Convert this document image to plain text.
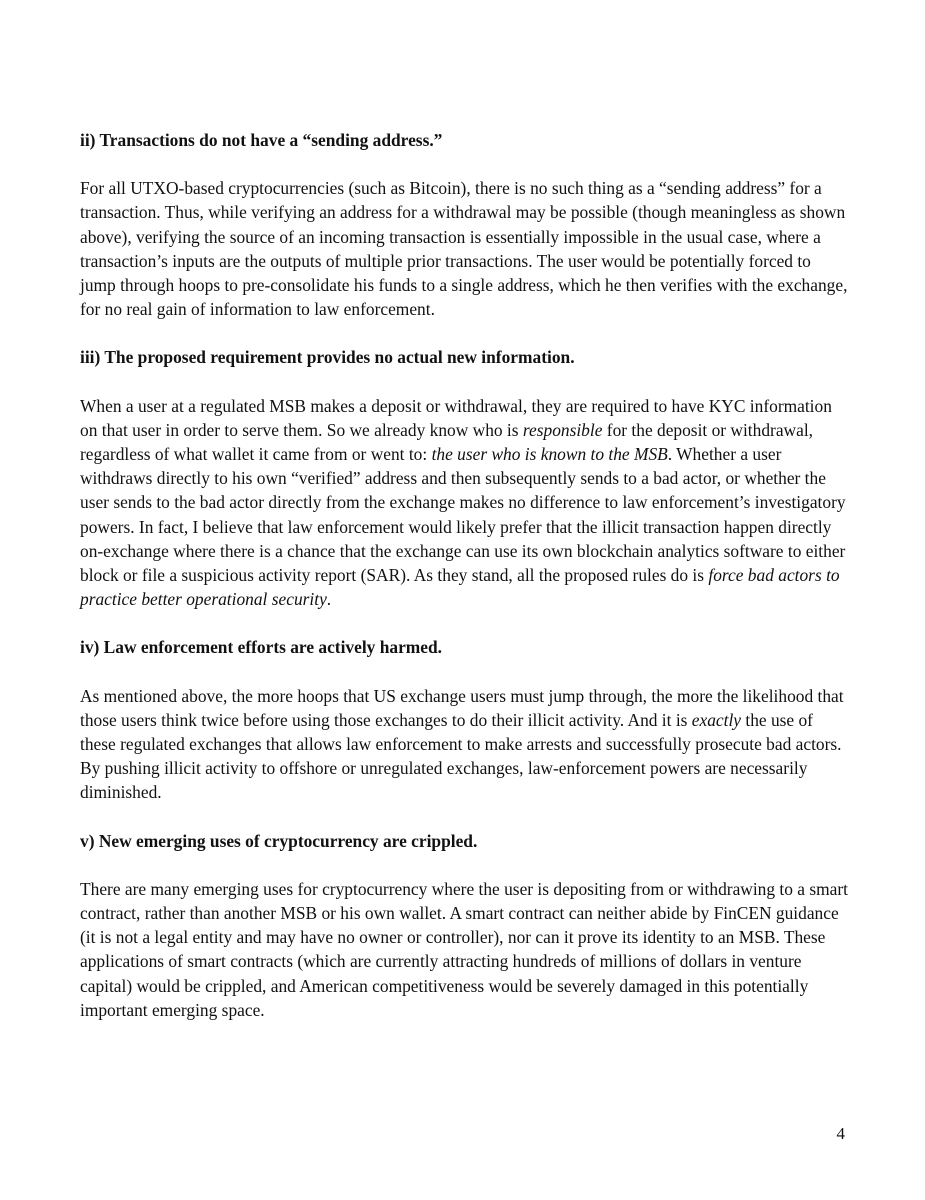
ii) Transactions do not have a “sending address.”

For all UTXO-based cryptocurrencies (such as Bitcoin), there is no such thing as a “sending address” for a transaction. Thus, while verifying an address for a withdrawal may be possible (though meaningless as shown above), verifying the source of an incoming transaction is essentially impossible in the usual case, where a transaction’s inputs are the outputs of multiple prior transactions. The user would be potentially forced to jump through hoops to pre-consolidate his funds to a single address, which he then verifies with the exchange, for no real gain of information to law enforcement.

iii) The proposed requirement provides no actual new information.

When a user at a regulated MSB makes a deposit or withdrawal, they are required to have KYC information on that user in order to serve them. So we already know who is responsible for the deposit or withdrawal, regardless of what wallet it came from or went to: the user who is known to the MSB. Whether a user withdraws directly to his own “verified” address and then subsequently sends to a bad actor, or whether the user sends to the bad actor directly from the exchange makes no difference to law enforcement’s investigatory powers. In fact, I believe that law enforcement would likely prefer that the illicit transaction happen directly on-exchange where there is a chance that the exchange can use its own blockchain analytics software to either block or file a suspicious activity report (SAR). As they stand, all the proposed rules do is force bad actors to practice better operational security.

iv) Law enforcement efforts are actively harmed.

As mentioned above, the more hoops that US exchange users must jump through, the more the likelihood that those users think twice before using those exchanges to do their illicit activity. And it is exactly the use of these regulated exchanges that allows law enforcement to make arrests and successfully prosecute bad actors. By pushing illicit activity to offshore or unregulated exchanges, law-enforcement powers are necessarily diminished.

v) New emerging uses of cryptocurrency are crippled.

There are many emerging uses for cryptocurrency where the user is depositing from or withdrawing to a smart contract, rather than another MSB or his own wallet. A smart contract can neither abide by FinCEN guidance (it is not a legal entity and may have no owner or controller), nor can it prove its identity to an MSB. These applications of smart contracts (which are currently attracting hundreds of millions of dollars in venture capital) would be crippled, and American competitiveness would be severely damaged in this potentially important emerging space.

4
